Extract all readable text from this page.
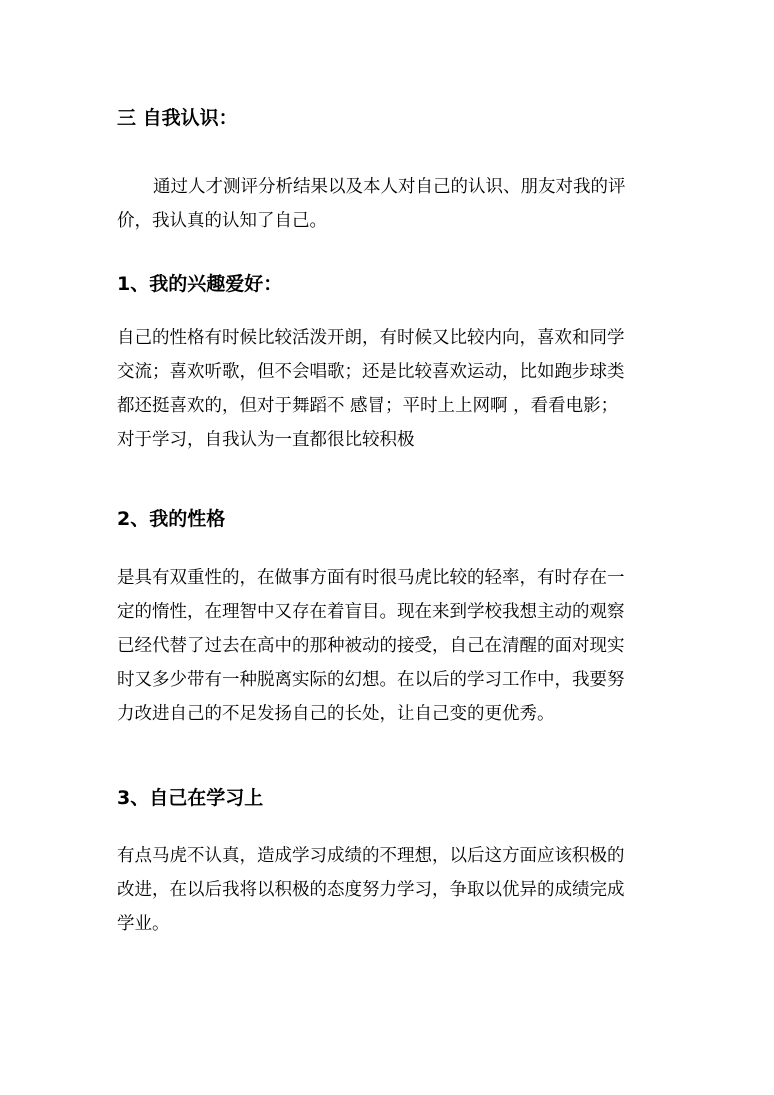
三 自我认识：
通过人才测评分析结果以及本人对自己的认识、朋友对我的评
价，我认真的认知了自己。
1、我的兴趣爱好：
自己的性格有时候比较活泼开朗，有时候又比较内向，喜欢和同学
交流；喜欢听歌，但不会唱歌；还是比较喜欢运动，比如跑步球类
都还挺喜欢的，但对于舞蹈不 感冒；平时上上网啊 ，看看电影；
对于学习，自我认为一直都很比较积极
2、我的性格
是具有双重性的，在做事方面有时很马虎比较的轻率，有时存在一
定的惰性，在理智中又存在着盲目。现在来到学校我想主动的观察
已经代替了过去在高中的那种被动的接受，自己在清醒的面对现实
时又多少带有一种脱离实际的幻想。在以后的学习工作中，我要努
力改进自己的不足发扬自己的长处，让自己变的更优秀。
3、自己在学习上
有点马虎不认真，造成学习成绩的不理想，以后这方面应该积极的
改进，在以后我将以积极的态度努力学习，争取以优异的成绩完成
学业。
